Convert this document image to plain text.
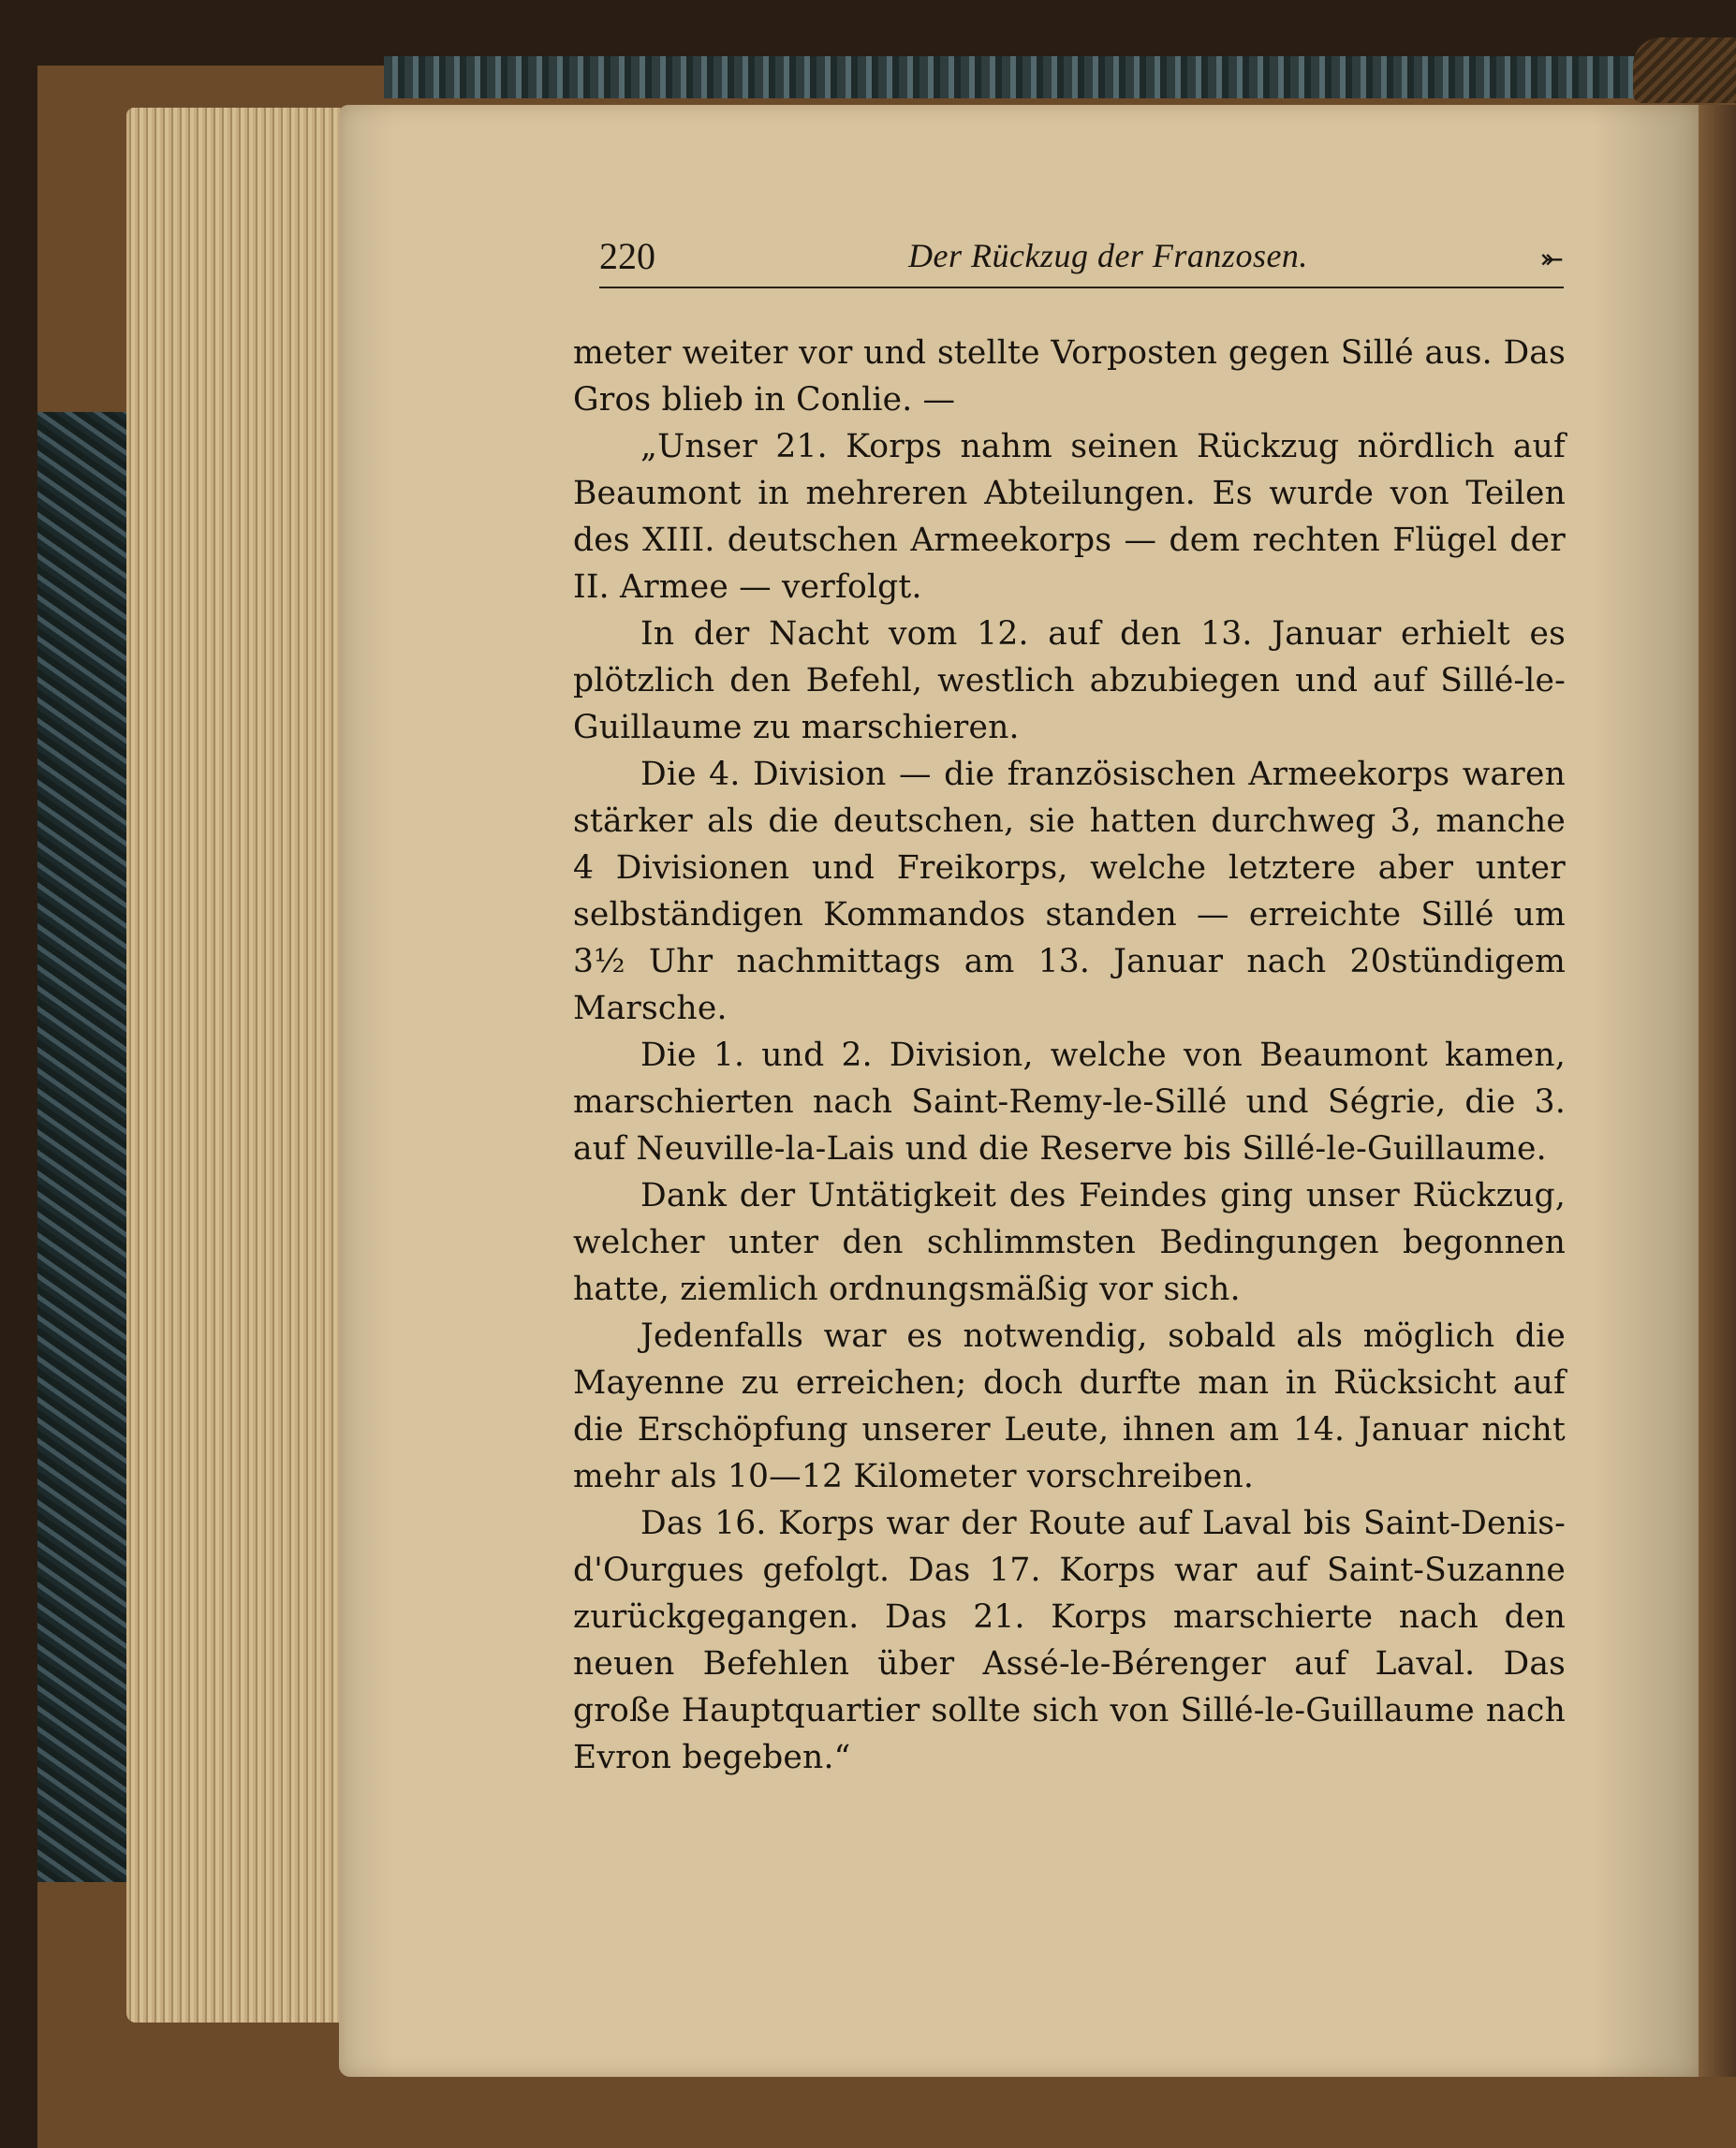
220	Der Rückzug der Franzosen.	⤜

meter weiter vor und stellte Vorposten gegen Sillé aus. Das Gros blieb in Conlie. —

„Unser 21. Korps nahm seinen Rückzug nördlich auf Beaumont in mehreren Abteilungen. Es wurde von Teilen des XIII. deutschen Armeekorps — dem rechten Flügel der II. Armee — verfolgt.

In der Nacht vom 12. auf den 13. Januar erhielt es plötzlich den Befehl, westlich abzubiegen und auf Sillé-le-Guillaume zu marschieren.

Die 4. Division — die französischen Armeekorps waren stärker als die deutschen, sie hatten durchweg 3, manche 4 Divisionen und Freikorps, welche letztere aber unter selbständigen Kommandos standen — erreichte Sillé um 3½ Uhr nachmittags am 13. Januar nach 20stündigem Marsche.

Die 1. und 2. Division, welche von Beaumont kamen, marschierten nach Saint-Remy-le-Sillé und Ségrie, die 3. auf Neuville-la-Lais und die Reserve bis Sillé-le-Guillaume.

Dank der Untätigkeit des Feindes ging unser Rückzug, welcher unter den schlimmsten Bedingungen begonnen hatte, ziemlich ordnungsmäßig vor sich.

Jedenfalls war es notwendig, sobald als möglich die Mayenne zu erreichen; doch durfte man in Rücksicht auf die Erschöpfung unserer Leute, ihnen am 14. Januar nicht mehr als 10—12 Kilometer vorschreiben.

Das 16. Korps war der Route auf Laval bis Saint-Denis-d'Ourgues gefolgt. Das 17. Korps war auf Saint-Suzanne zurückgegangen. Das 21. Korps marschierte nach den neuen Befehlen über Assé-le-Bérenger auf Laval. Das große Hauptquartier sollte sich von Sillé-le-Guillaume nach Evron begeben.“
